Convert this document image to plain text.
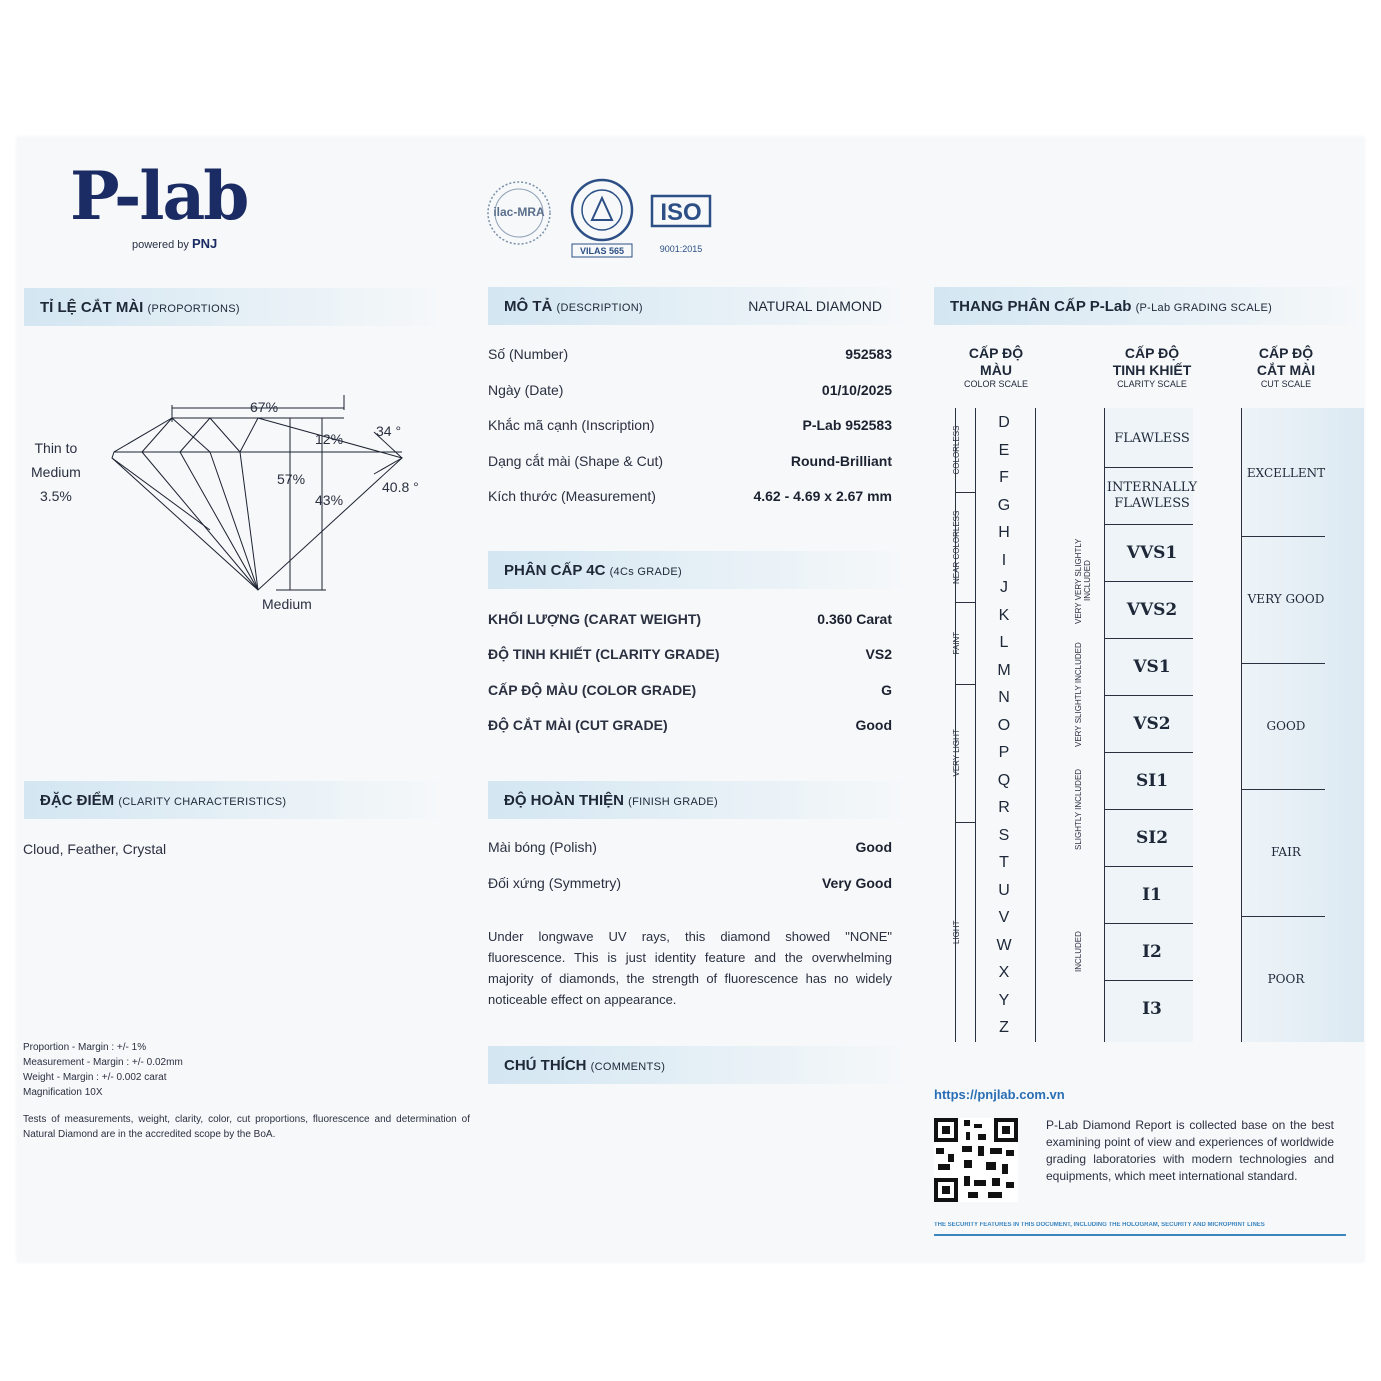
P-lab
powered by PNJ
ilac-MRA
VILAS 565
ISO
9001:2015
TỈ LỆ CẮT MÀI (PROPORTIONS)
67%
12% 34 °
57%
43%
40.8 °
Thin to
Medium
3.5%
Medium
ĐẶC ĐIỂM (CLARITY CHARACTERISTICS)
Cloud, Feather, Crystal
Proportion - Margin : +/- 1%
Measurement - Margin : +/- 0.02mm
Weight - Margin : +/- 0.002 carat
Magnification 10X
Tests of measurements, weight, clarity, color, cut proportions, fluorescence and determination of Natural Diamond are in the accredited scope by the BoA.
MÔ TẢ (DESCRIPTION)	NATURAL DIAMOND
Số (Number)	952583
Ngày (Date)	01/10/2025
Khắc mã cạnh (Inscription)	P-Lab 952583
Dạng cắt mài (Shape & Cut)	Round-Brilliant
Kích thước (Measurement)	4.62 - 4.69 x 2.67 mm
PHÂN CẤP 4C (4Cs GRADE)
KHỐI LƯỢNG (CARAT WEIGHT)	0.360 Carat
ĐỘ TINH KHIẾT (CLARITY GRADE)	VS2
CẤP ĐỘ MÀU (COLOR GRADE)	G
ĐỘ CẮT MÀI (CUT GRADE)	Good
ĐỘ HOÀN THIỆN (FINISH GRADE)
Mài bóng (Polish)	Good
Đối xứng (Symmetry)	Very Good
Under longwave UV rays, this diamond showed "NONE" fluorescence. This is just identity feature and the overwhelming majority of diamonds, the strength of fluorescence has no widely noticeable effect on appearance.
CHÚ THÍCH (COMMENTS)
THANG PHÂN CẤP P-Lab (P-Lab GRADING SCALE)
CẤP ĐỘ
MÀU
COLOR SCALE
CẤP ĐỘ
TINH KHIẾT
CLARITY SCALE
CẤP ĐỘ
CẮT MÀI
CUT SCALE
https://pnjlab.com.vn
P-Lab Diamond Report is collected base on the best examining point of view and experiences of worldwide grading laboratories with modern technologies and equipments, which meet international standard.
THE SECURITY FEATURES IN THIS DOCUMENT, INCLUDING THE HOLOGRAM, SECURITY AND MICROPRINT LINES
D
E
F
G
H
I
J
K
L
M
N
O
P
Q
R
S
T
U
V
W
X
Y
Z
COLORLESS
NEAR COLORLESS
FAINT
VERY LIGHT
LIGHT
FLAWLESS
INTERNALLY FLAWLESS
VVS1
VVS2
VS1
VS2
SI1
SI2
I1
I2
I3
VERY VERY SLIGHTLY INCLUDED
VERY SLIGHTLY INCLUDED
SLIGHTLY INCLUDED
INCLUDED
EXCELLENT
VERY GOOD
GOOD
FAIR
POOR
